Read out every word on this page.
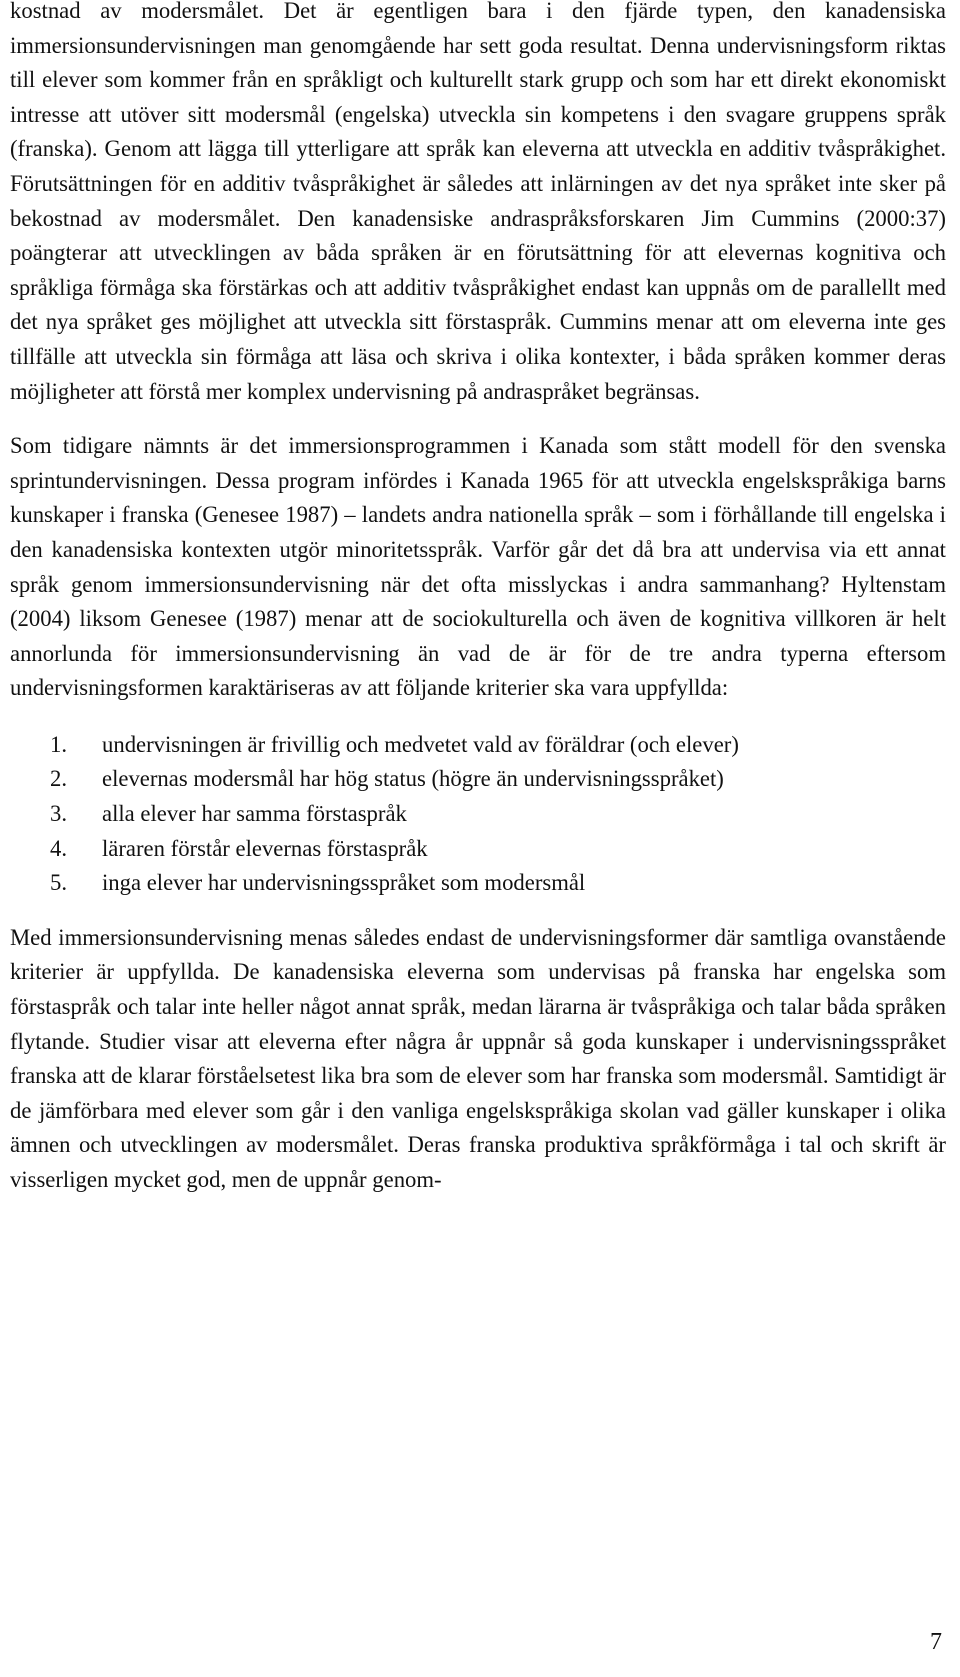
kostnad av modersmålet. Det är egentligen bara i den fjärde typen, den kanadensiska immersionsundervisningen man genomgående har sett goda resultat. Denna undervisningsform riktas till elever som kommer från en språkligt och kulturellt stark grupp och som har ett direkt ekonomiskt intresse att utöver sitt modersmål (engelska) utveckla sin kompetens i den svagare gruppens språk (franska). Genom att lägga till ytterligare att språk kan eleverna att utveckla en additiv tvåspråkighet. Förutsättningen för en additiv tvåspråkighet är således att inlärningen av det nya språket inte sker på bekostnad av modersmålet. Den kanadensiske andraspråksforskaren Jim Cummins (2000:37) poängterar att utvecklingen av båda språken är en förutsättning för att elevernas kognitiva och språkliga förmåga ska förstärkas och att additiv tvåspråkighet endast kan uppnås om de parallellt med det nya språket ges möjlighet att utveckla sitt förstaspråk. Cummins menar att om eleverna inte ges tillfälle att utveckla sin förmåga att läsa och skriva i olika kontexter, i båda språken kommer deras möjligheter att förstå mer komplex undervisning på andraspråket begränsas.

Som tidigare nämnts är det immersionsprogrammen i Kanada som stått modell för den svenska sprintundervisningen. Dessa program infördes i Kanada 1965 för att utveckla engelskspråkiga barns kunskaper i franska (Genesee 1987) – landets andra nationella språk – som i förhållande till engelska i den kanadensiska kontexten utgör minoritetsspråk. Varför går det då bra att undervisa via ett annat språk genom immersionsundervisning när det ofta misslyckas i andra sammanhang? Hyltenstam (2004) liksom Genesee (1987) menar att de sociokulturella och även de kognitiva villkoren är helt annorlunda för immersionsundervisning än vad de är för de tre andra typerna eftersom undervisningsformen karaktäriseras av att följande kriterier ska vara uppfyllda:

1. undervisningen är frivillig och medvetet vald av föräldrar (och elever)
2. elevernas modersmål har hög status (högre än undervisningsspråket)
3. alla elever har samma förstaspråk
4. läraren förstår elevernas förstaspråk
5. inga elever har undervisningsspråket som modersmål

Med immersionsundervisning menas således endast de undervisningsformer där samtliga ovanstående kriterier är uppfyllda. De kanadensiska eleverna som undervisas på franska har engelska som förstaspråk och talar inte heller något annat språk, medan lärarna är tvåspråkiga och talar båda språken flytande. Studier visar att eleverna efter några år uppnår så goda kunskaper i undervisningsspråket franska att de klarar förståelsetest lika bra som de elever som har franska som modersmål. Samtidigt är de jämförbara med elever som går i den vanliga engelskspråkiga skolan vad gäller kunskaper i olika ämnen och utvecklingen av modersmålet. Deras franska produktiva språkförmåga i tal och skrift är visserligen mycket god, men de uppnår genom-

7
